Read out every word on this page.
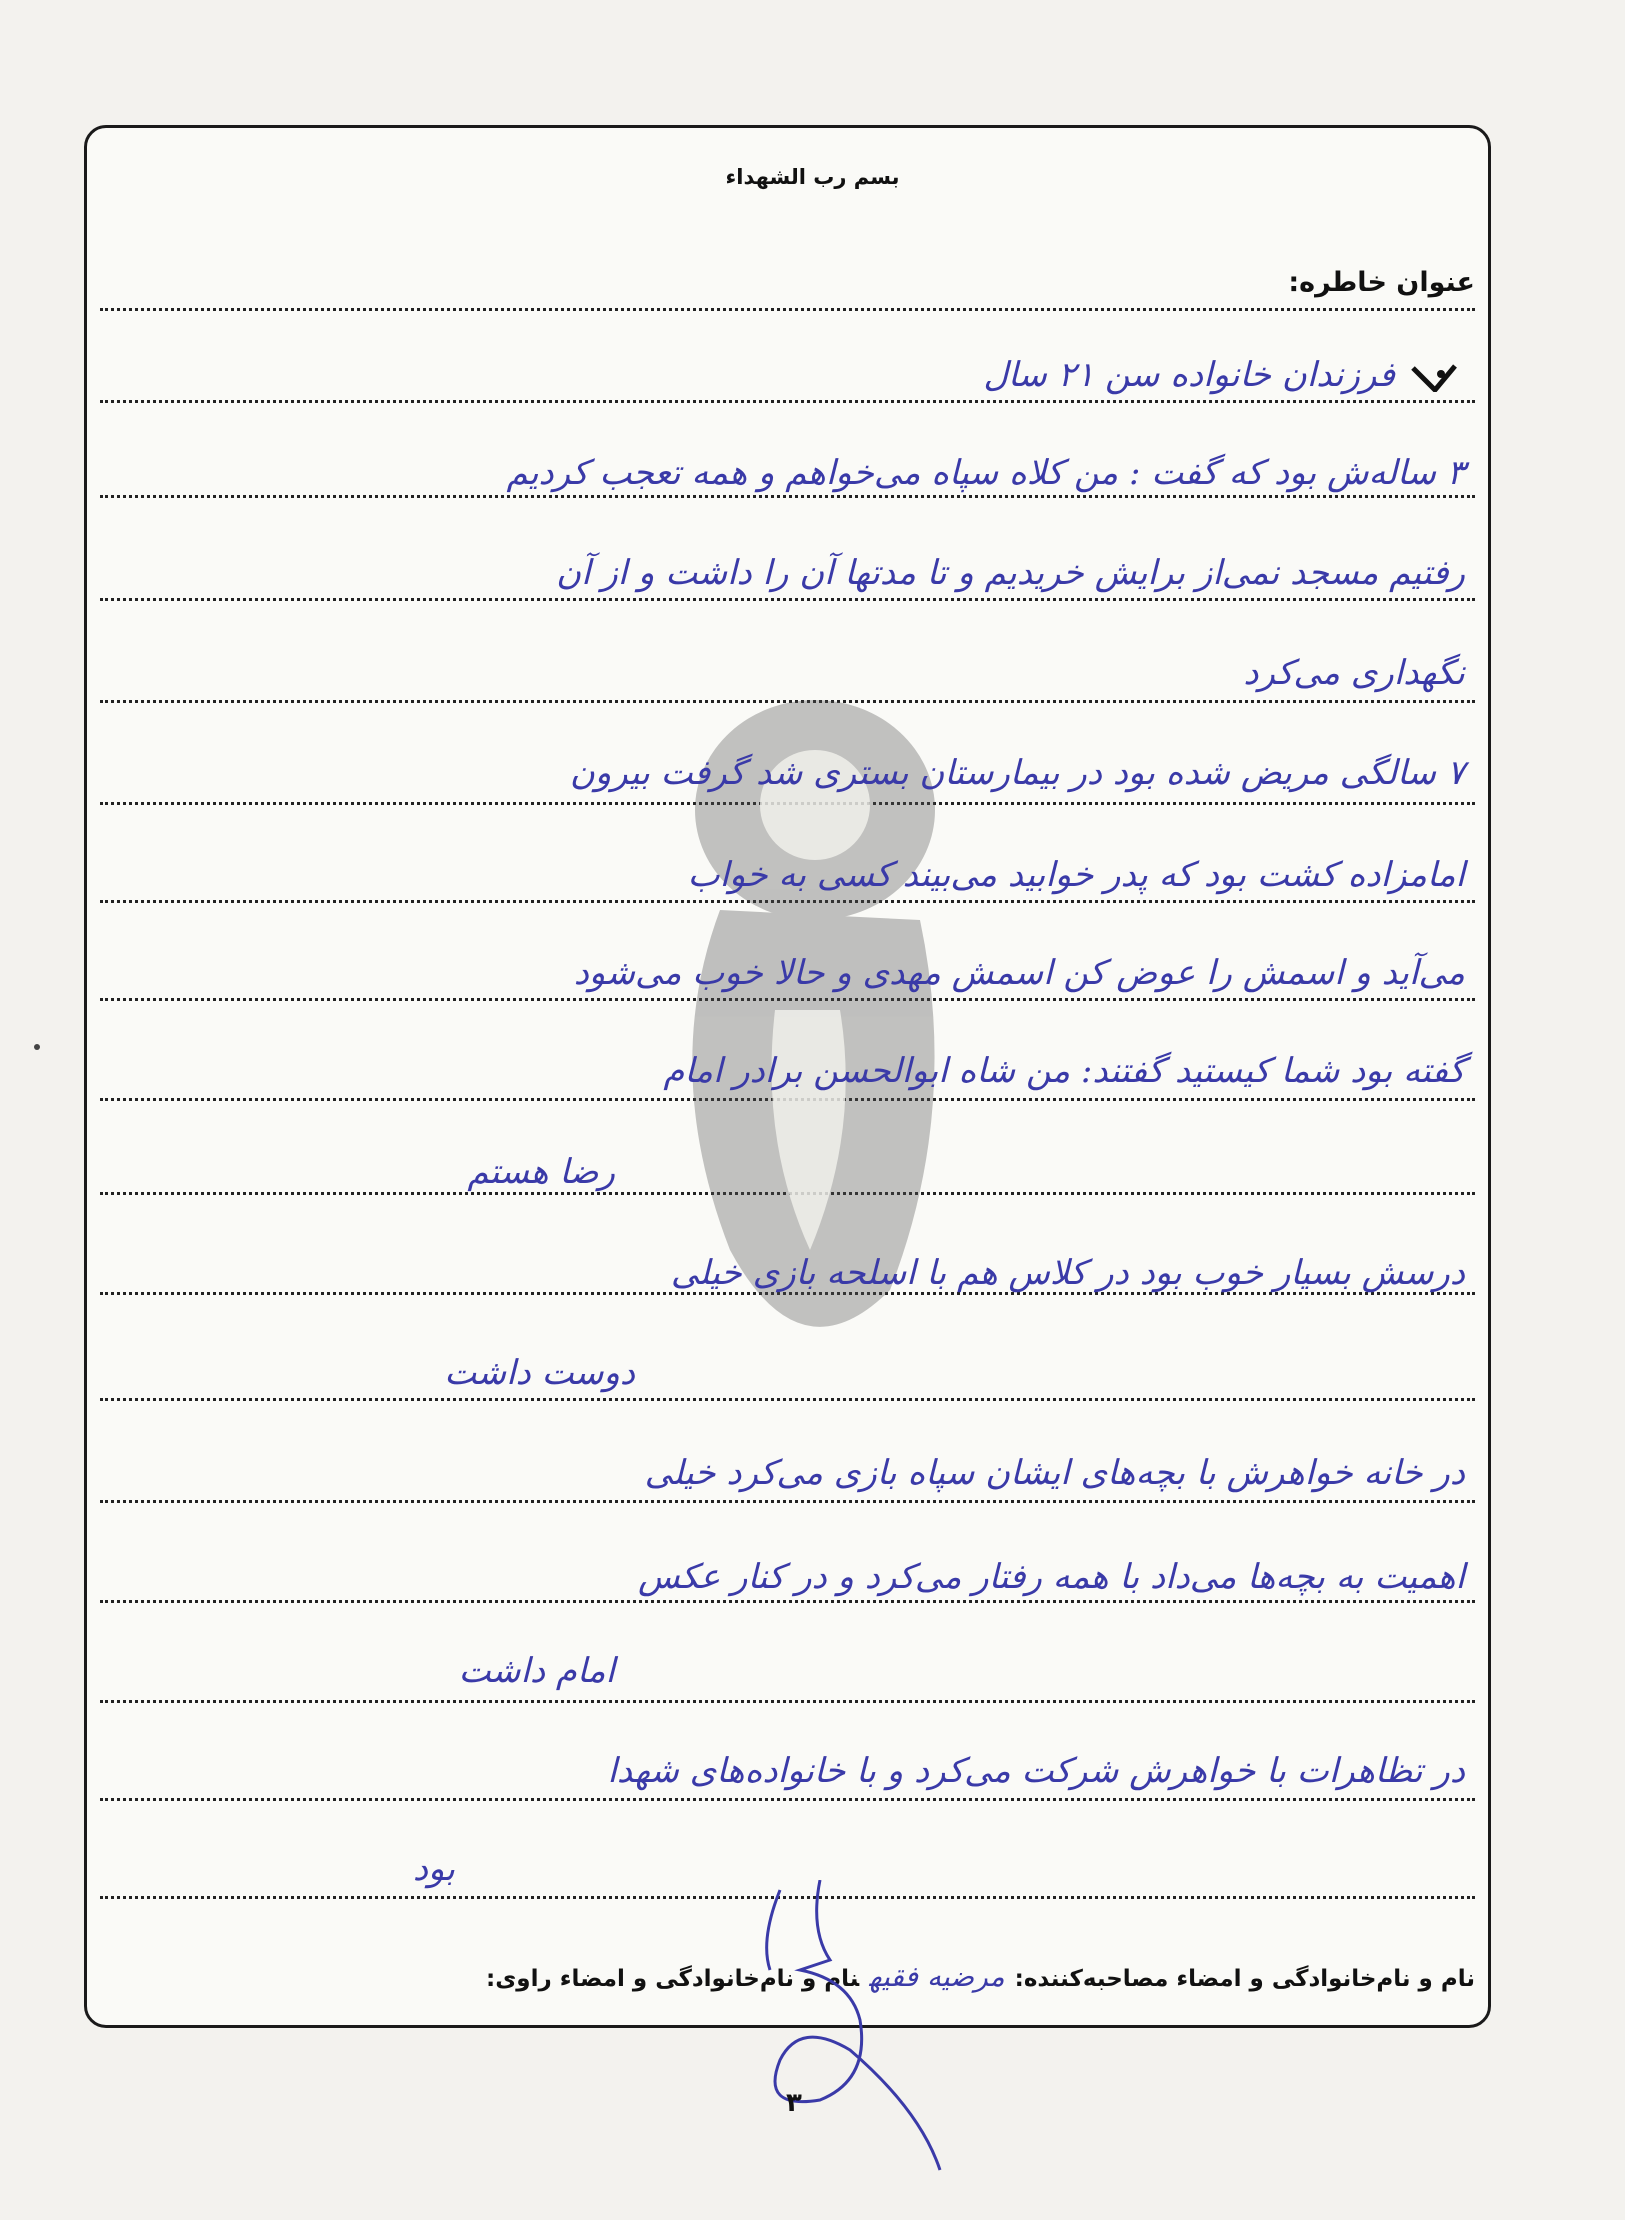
بسم رب الشهداء
عنوان خاطره:
فرزندان خانواده سن ۲۱ سال
۳ ساله‌ش بود که گفت : من کلاه سپاه می‌خواهم و همه تعجب کردیم
رفتیم مسجد نمی‌از برایش خریدیم و تا مدتها آن را داشت و از آن
نگهداری می‌کرد
۷ سالگی مریض شده بود در بیمارستان بستری شد گرفت بیرون
امامزاده کشت بود که پدر خوابید می‌بیند کسی به خواب
می‌آید و اسمش را عوض کن اسمش مهدی و حالا خوب می‌شود
گفته بود شما کیستید گفتند: من شاه ابوالحسن برادر امام
رضا هستم
درسش بسیار خوب بود در کلاس هم با اسلحه بازی خیلی
دوست داشت
در خانه خواهرش با بچه‌های ایشان سپاه بازی می‌کرد خیلی
اهمیت به بچه‌ها می‌داد با همه رفتار می‌کرد و در کنار عکس
امام داشت
در تظاهرات با خواهرش شرکت می‌کرد و با خانواده‌های شهدا
بود
نام و نام‌خانوادگی و امضاء مصاحبه‌کننده:مرضیه فقیهنام و نام‌خانوادگی و امضاء راوی:
۳
